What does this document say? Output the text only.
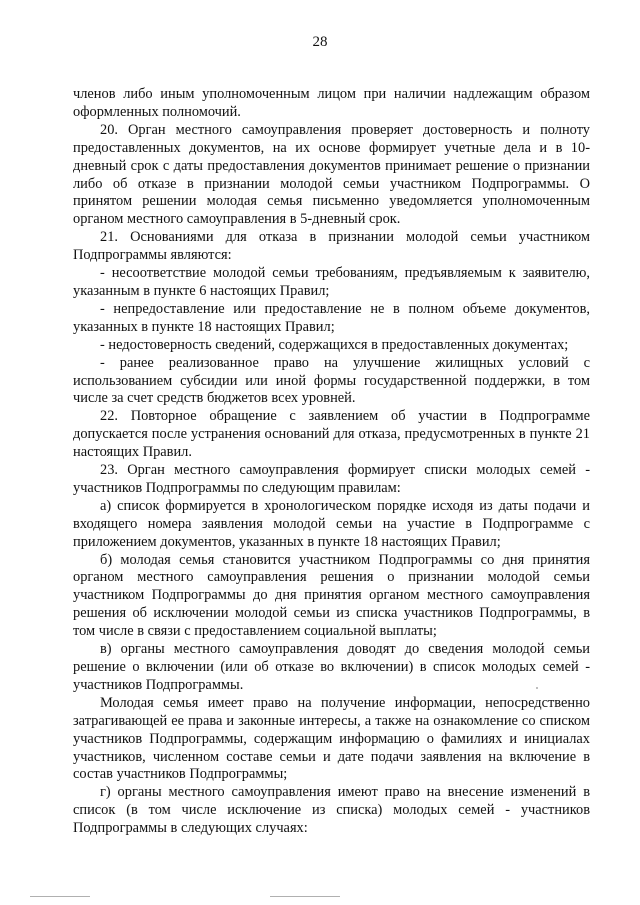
28

членов либо иным уполномоченным лицом при наличии надлежащим образом оформленных полномочий.

20. Орган местного самоуправления проверяет достоверность и полноту предоставленных документов, на их основе формирует учетные дела и в 10-дневный срок с даты предоставления документов принимает решение о признании либо об отказе в признании молодой семьи участником Подпрограммы. О принятом решении молодая семья письменно уведомляется уполномоченным органом местного самоуправления в 5-дневный срок.

21. Основаниями для отказа в признании молодой семьи участником Подпрограммы являются:

- несоответствие молодой семьи требованиям, предъявляемым к заявителю, указанным в пункте 6 настоящих Правил;

- непредоставление или предоставление не в полном объеме документов, указанных в пункте 18 настоящих Правил;

- недостоверность сведений, содержащихся в предоставленных документах;

- ранее реализованное право на улучшение жилищных условий с использованием субсидии или иной формы государственной поддержки, в том числе за счет средств бюджетов всех уровней.

22. Повторное обращение с заявлением об участии в Подпрограмме допускается после устранения оснований для отказа, предусмотренных в пункте 21 настоящих Правил.

23. Орган местного самоуправления формирует списки молодых семей - участников Подпрограммы по следующим правилам:

а) список формируется в хронологическом порядке исходя из даты подачи и входящего номера заявления молодой семьи на участие в Подпрограмме с приложением документов, указанных в пункте 18 настоящих Правил;

б) молодая семья становится участником Подпрограммы со дня принятия органом местного самоуправления решения о признании молодой семьи участником Подпрограммы до дня принятия органом местного самоуправления решения об исключении молодой семьи из списка участников Подпрограммы, в том числе в связи с предоставлением социальной выплаты;

в) органы местного самоуправления доводят до сведения молодой семьи решение о включении (или об отказе во включении) в список молодых семей - участников Подпрограммы.

Молодая семья имеет право на получение информации, непосредственно затрагивающей ее права и законные интересы, а также на ознакомление со списком участников Подпрограммы, содержащим информацию о фамилиях и инициалах участников, численном составе семьи и дате подачи заявления на включение в состав участников Подпрограммы;

г) органы местного самоуправления имеют право на внесение изменений в список (в том числе исключение из списка) молодых семей - участников Подпрограммы в следующих случаях:
